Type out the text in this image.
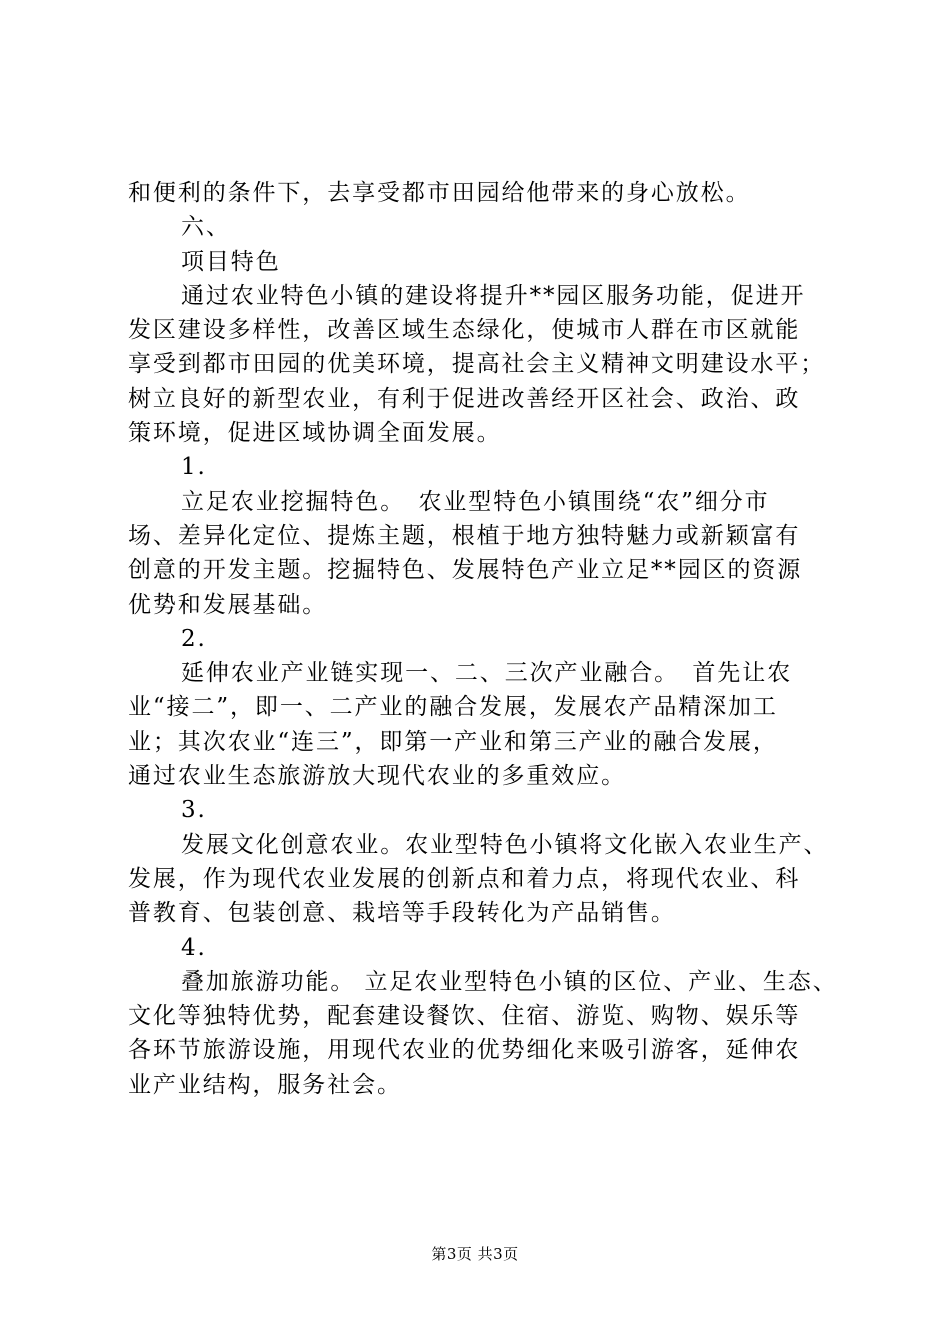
和便利的条件下，去享受都市田园给他带来的身心放松。
六、
项目特色
通过农业特色小镇的建设将提升**园区服务功能，促进开
发区建设多样性，改善区域生态绿化，使城市人群在市区就能
享受到都市田园的优美环境，提高社会主义精神文明建设水平；
树立良好的新型农业，有利于促进改善经开区社会、政治、政
策环境，促进区域协调全面发展。
1.
立足农业挖掘特色。　农业型特色小镇围绕“农”细分市
场、差异化定位、提炼主题，根植于地方独特魅力或新颖富有
创意的开发主题。挖掘特色、发展特色产业立足**园区的资源
优势和发展基础。
2.
延伸农业产业链实现一、二、三次产业融合。　首先让农
业“接二”，即一、二产业的融合发展，发展农产品精深加工
业；其次农业“连三”，即第一产业和第三产业的融合发展，
通过农业生态旅游放大现代农业的多重效应。
3.
发展文化创意农业。农业型特色小镇将文化嵌入农业生产、
发展，作为现代农业发展的创新点和着力点，将现代农业、科
普教育、包装创意、栽培等手段转化为产品销售。
4.
叠加旅游功能。 立足农业型特色小镇的区位、产业、生态、
文化等独特优势，配套建设餐饮、住宿、游览、购物、娱乐等
各环节旅游设施，用现代农业的优势细化来吸引游客，延伸农
业产业结构，服务社会。
第3页 共3页
